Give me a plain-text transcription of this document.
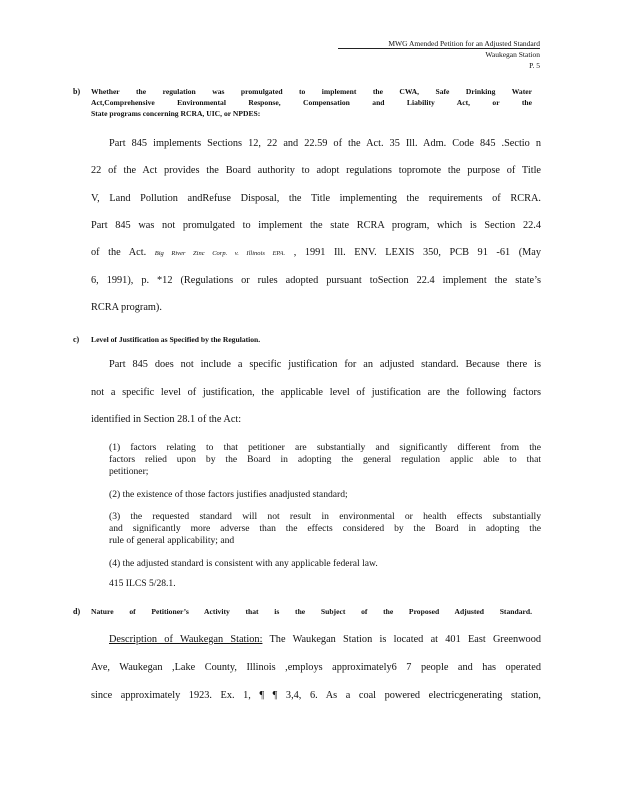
MWG Amended Petition for an Adjusted Standard
Waukegan Station
P. 5
b) Whether the regulation was promulgated to implement the CWA, Safe Drinking Water
Act,Comprehensive Environmental Response, Compensation and Liability Act, or the
State programs concerning RCRA, UIC, or NPDES:
Part 845 implements Sections 12, 22 and 22.59 of the Act. 35 Ill. Adm. Code 845 .Sectio n
22 of the Act provides the Board authority to adopt regulations topromote the purpose of Title
V, Land Pollution andRefuse Disposal, the Title implementing the requirements of RCRA.
Part 845 was not promulgated to implement the state RCRA program, which is Section 22.4
of the Act. Big River Zinc Corp. v. Illinois EPA. , 1991 Ill. ENV. LEXIS 350, PCB 91 -61 (May
6, 1991), p. *12 (Regulations or rules adopted pursuant toSection 22.4 implement the state’s
RCRA program).
c) Level of Justification as Specified by the Regulation.
Part 845 does not include a specific justification for an adjusted standard. Because there is
not a specific level of justification, the applicable level of justification are the following factors
identified in Section 28.1 of the Act:
(1) factors relating to that petitioner are substantially and significantly different from the
factors relied upon by the Board in adopting the general regulation applic able to that
petitioner;
(2) the existence of those factors justifies anadjusted standard;
(3) the requested standard will not result in environmental or health effects substantially
and significantly more adverse than the effects considered by the Board in adopting the
rule of general applicability; and
(4) the adjusted standard is consistent with any applicable federal law.
415 ILCS 5/28.1.
d) Nature of Petitioner’s Activity that is the Subject of the Proposed Adjusted Standard.
Description of Waukegan Station: The Waukegan Station is located at 401 East Greenwood
Ave, Waukegan ,Lake County, Illinois ,employs approximately6 7 people and has operated
since approximately 1923. Ex. 1, ¶ ¶ 3,4, 6. As a coal powered electricgenerating station,
